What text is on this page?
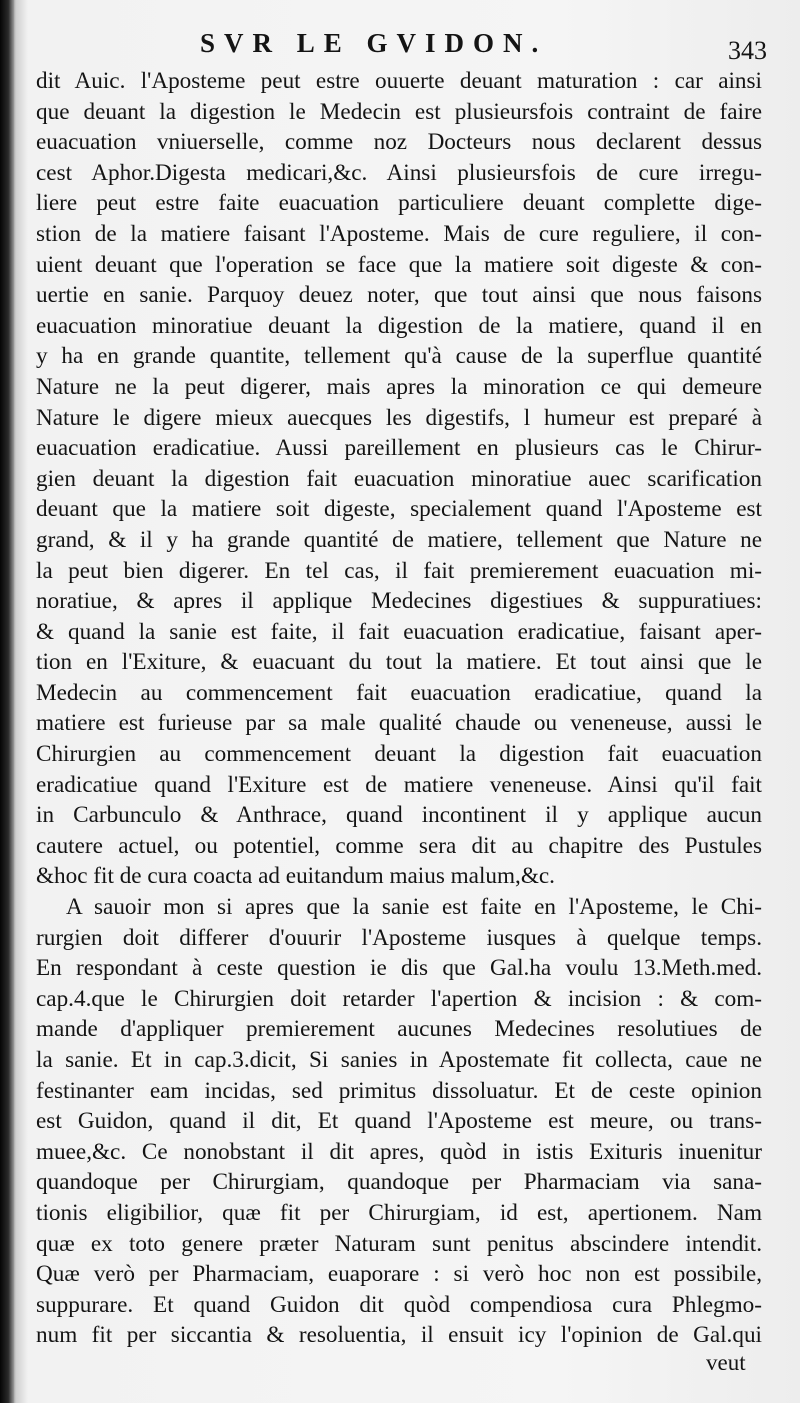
SVR LE GVIDON.	343
dit Auic. l'Aposteme peut estre ouuerte deuant maturation : car ainsi
que deuant la digestion le Medecin est plusieursfois contraint de faire
euacuation vniuerselle, comme noz Docteurs nous declarent dessus
cest Aphor.Digesta medicari,&c. Ainsi plusieursfois de cure irregu-
liere peut estre faite euacuation particuliere deuant complette dige-
stion de la matiere faisant l'Aposteme. Mais de cure reguliere, il con-
uient deuant que l'operation se face que la matiere soit digeste & con-
uertie en sanie. Parquoy deuez noter, que tout ainsi que nous faisons
euacuation minoratiue deuant la digestion de la matiere, quand il en
y ha en grande quantite, tellement qu'à cause de la superflue quantité
Nature ne la peut digerer, mais apres la minoration ce qui demeure
Nature le digere mieux auecques les digestifs, l humeur est preparé à
euacuation eradicatiue. Aussi pareillement en plusieurs cas le Chirur-
gien deuant la digestion fait euacuation minoratiue auec scarification
deuant que la matiere soit digeste, specialement quand l'Aposteme est
grand, & il y ha grande quantité de matiere, tellement que Nature ne
la peut bien digerer. En tel cas, il fait premierement euacuation mi-
noratiue, & apres il applique Medecines digestiues & suppuratiues:
& quand la sanie est faite, il fait euacuation eradicatiue, faisant aper-
tion en l'Exiture, & euacuant du tout la matiere. Et tout ainsi que le
Medecin au commencement fait euacuation eradicatiue, quand la
matiere est furieuse par sa male qualité chaude ou veneneuse, aussi le
Chirurgien au commencement deuant la digestion fait euacuation
eradicatiue quand l'Exiture est de matiere veneneuse. Ainsi qu'il fait
in Carbunculo & Anthrace, quand incontinent il y applique aucun
cautere actuel, ou potentiel, comme sera dit au chapitre des Pustules
&hoc fit de cura coacta ad euitandum maius malum,&c.
A sauoir mon si apres que la sanie est faite en l'Aposteme, le Chi-
rurgien doit differer d'ouurir l'Aposteme iusques à quelque temps.
En respondant à ceste question ie dis que Gal.ha voulu 13.Meth.med.
cap.4.que le Chirurgien doit retarder l'apertion & incision : & com-
mande d'appliquer premierement aucunes Medecines resolutiues de
la sanie. Et in cap.3.dicit, Si sanies in Apostemate fit collecta, caue ne
festinanter eam incidas, sed primitus dissoluatur. Et de ceste opinion
est Guidon, quand il dit, Et quand l'Aposteme est meure, ou trans-
muee,&c. Ce nonobstant il dit apres, quòd in istis Exituris inuenitur
quandoque per Chirurgiam, quandoque per Pharmaciam via sana-
tionis eligibilior, quæ fit per Chirurgiam, id est, apertionem. Nam
quæ ex toto genere præter Naturam sunt penitus abscindere intendit.
Quæ verò per Pharmaciam, euaporare : si verò hoc non est possibile,
suppurare. Et quand Guidon dit quòd compendiosa cura Phlegmo-
num fit per siccantia & resoluentia, il ensuit icy l'opinion de Gal.qui
veut
